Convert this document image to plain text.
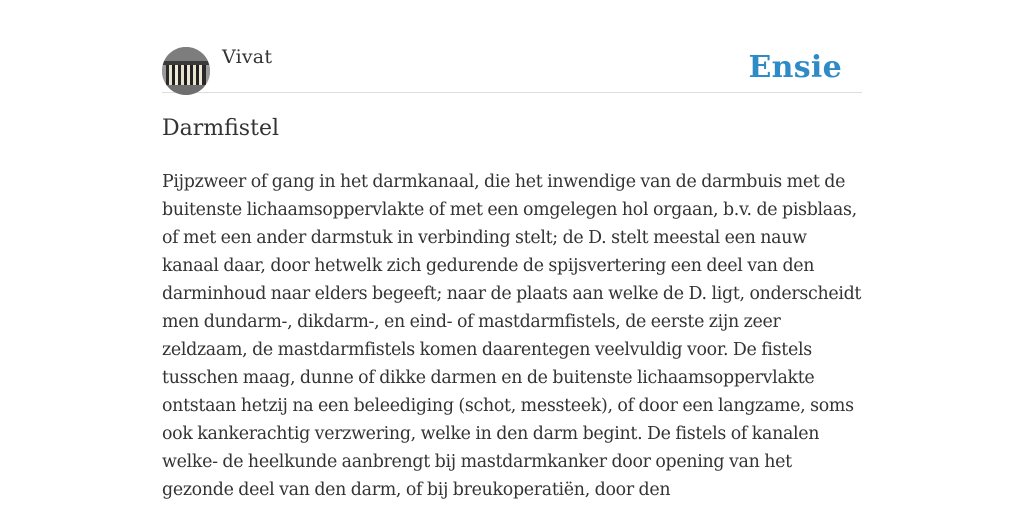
Vivat	Ensie
Darmfistel

Pijpzweer of gang in het darmkanaal, die het inwendige van de darmbuis met de buitenste lichaamsoppervlakte of met een omgelegen hol orgaan, b.v. de pisblaas, of met een ander darmstuk in verbinding stelt; de D. stelt meestal een nauw kanaal daar, door hetwelk zich gedurende de spijsvertering een deel van den darminhoud naar elders begeeft; naar de plaats aan welke de D. ligt, onderscheidt men dundarm-, dikdarm-, en eind- of mastdarmfistels, de eerste zijn zeer zeldzaam, de mastdarmfistels komen daarentegen veelvuldig voor. De fistels tusschen maag, dunne of dikke darmen en de buitenste lichaamsoppervlakte ontstaan hetzij na een beleediging (schot, messteek), of door een langzame, soms ook kankerachtig verzwering, welke in den darm begint. De fistels of kanalen welke- de heelkunde aanbrengt bij mastdarmkanker door opening van het gezonde deel van den darm, of bij breukoperatiën, door den
